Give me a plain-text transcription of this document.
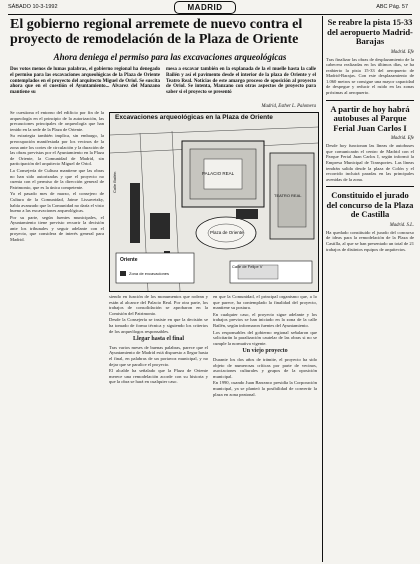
SÁBADO 10-3-1992	MADRID	ABC Pág. 57
El gobierno regional arremete de nuevo contra el proyecto de remodelación de la Plaza de Oriente
Ahora deniega el permiso para las excavaciones arqueológicas
Dos votos menos de lumas palabras, el gobierno regional ha denegado el permiso para las excavaciones arqueológicas de la Plaza de Oriente contemplados en el proyecto del arquitecto Miguel de Oriol. Se suscita ahora que en el cuestión el Ayuntamiento... Alvarez del Manzano mantiene su
mesa a excavar también en la explanada de la el muelle hasta la calle Bailén y así el pavimento desde el interior de la plaza de Oriente y el Teatro Real. Noticias de este amargo proceso de oposición al proyecto de Oriol. Se intenta, Manzano con otras aspectos de proyecto para saber si el proyecto se presentó
Madrid, Esther L. Palomera

Se cuestiona el entorno del edificio por fin de la arqueología en el principio de la autorización, las precauciones principales de arqueología que han tenido en la sede de la Plaza de Oriente.

Su estrategia también implica, sin embargo, la preocupación manifestada por los vecinos de la zona ante los cortes de circulación y la duración de las obras previstas por el Ayuntamiento en la Plaza de Oriente, la Comunidad de Madrid, sin participación del arquitecto Miguel de Oriol.

La Consejería de Cultura mantiene que las obras no han sido autorizadas y que el proyecto no cuenta con el permiso de la dirección general de Patrimonio, que es la única competente.

Ya el pasado mes de marzo, el consejero de Cultura de la Comunidad, Jaime Lissavetzky, había avanzado que la Comunidad no daría el visto bueno a las excavaciones arqueológicas.

Por su parte, según fuentes municipales, el Ayuntamiento tiene previsto recurrir la decisión ante los tribunales y seguir adelante con el proyecto, que considera de interés general para Madrid.

PALACIO REAL
Calle Bailén
Plaza de Oriente
TEATRO REAL
Calle de Felipe V
Oriente
Zona de excavaciones
Excavaciones arqueológicas en la Plaza de Oriente

siendo en función de los monumentos que rodean y están al alcance del Palacio Real. Por otra parte, los trabajos de consolidación se aprobaron en la Comisión del Patrimonio.

Desde la Consejería se insiste en que la decisión se ha tomado de forma técnica y siguiendo los criterios de los arqueólogos responsables.

Llegar hasta el final

Tras varios meses de buenas palabras, parece que el Ayuntamiento de Madrid está dispuesto a llegar hasta el final, en palabras de un portavoz municipal, y no dejar que se paralice el proyecto.

El alcalde ha señalado que la Plaza de Oriente merece una remodelación acorde con su historia y que la obra se hará en cualquier caso.

en que la Comunidad, el principal organismo que, a lo que parece, ha contemplado la finalidad del proyecto, mantiene su postura.

En cualquier caso, el proyecto sigue adelante y los trabajos previos se han iniciado en la zona de la calle Bailén, según informaron fuentes del Ayuntamiento.

Los responsables del gobierno regional señalaron que solicitarán la paralización cautelar de las obras si no se cumple la normativa vigente.

Un viejo proyecto

Durante los dos años de trámite, el proyecto ha sido objeto de numerosas críticas por parte de vecinos, asociaciones culturales y grupos de la oposición municipal.

En 1990, cuando Juan Barranco presidía la Corporación municipal, ya se planteó la posibilidad de convertir la plaza en zona peatonal.

Se reabre la pista 15-33 del aeropuerto Madrid-Barajas
Madrid. Efe
Tras finalizar las obras de desplazamiento de la cabecera realizadas en los últimos días, se ha reabierto la pista 15-33 del aeropuerto de Madrid-Barajas. Con este desplazamiento de 1.060 metros se consigue una mayor capacidad de despegue y reducir el ruido en las zonas próximas al aeropuerto.
A partir de hoy habrá autobuses al Parque Ferial Juan Carlos I
Madrid. Efe
Desde hoy funcionan las líneas de autobuses que comunicarán el centro de Madrid con el Parque Ferial Juan Carlos I, según informó la Empresa Municipal de Transportes. Las líneas tendrán salida desde la plaza de Colón y el recorrido incluirá paradas en las principales avenidas de la zona.
Constituido el jurado del concurso de la Plaza de Castilla
Madrid. S.L.
Ha quedado constituido el jurado del concurso de ideas para la remodelación de la Plaza de Castilla, al que se han presentado un total de 21 trabajos de distintos equipos de arquitectos.
